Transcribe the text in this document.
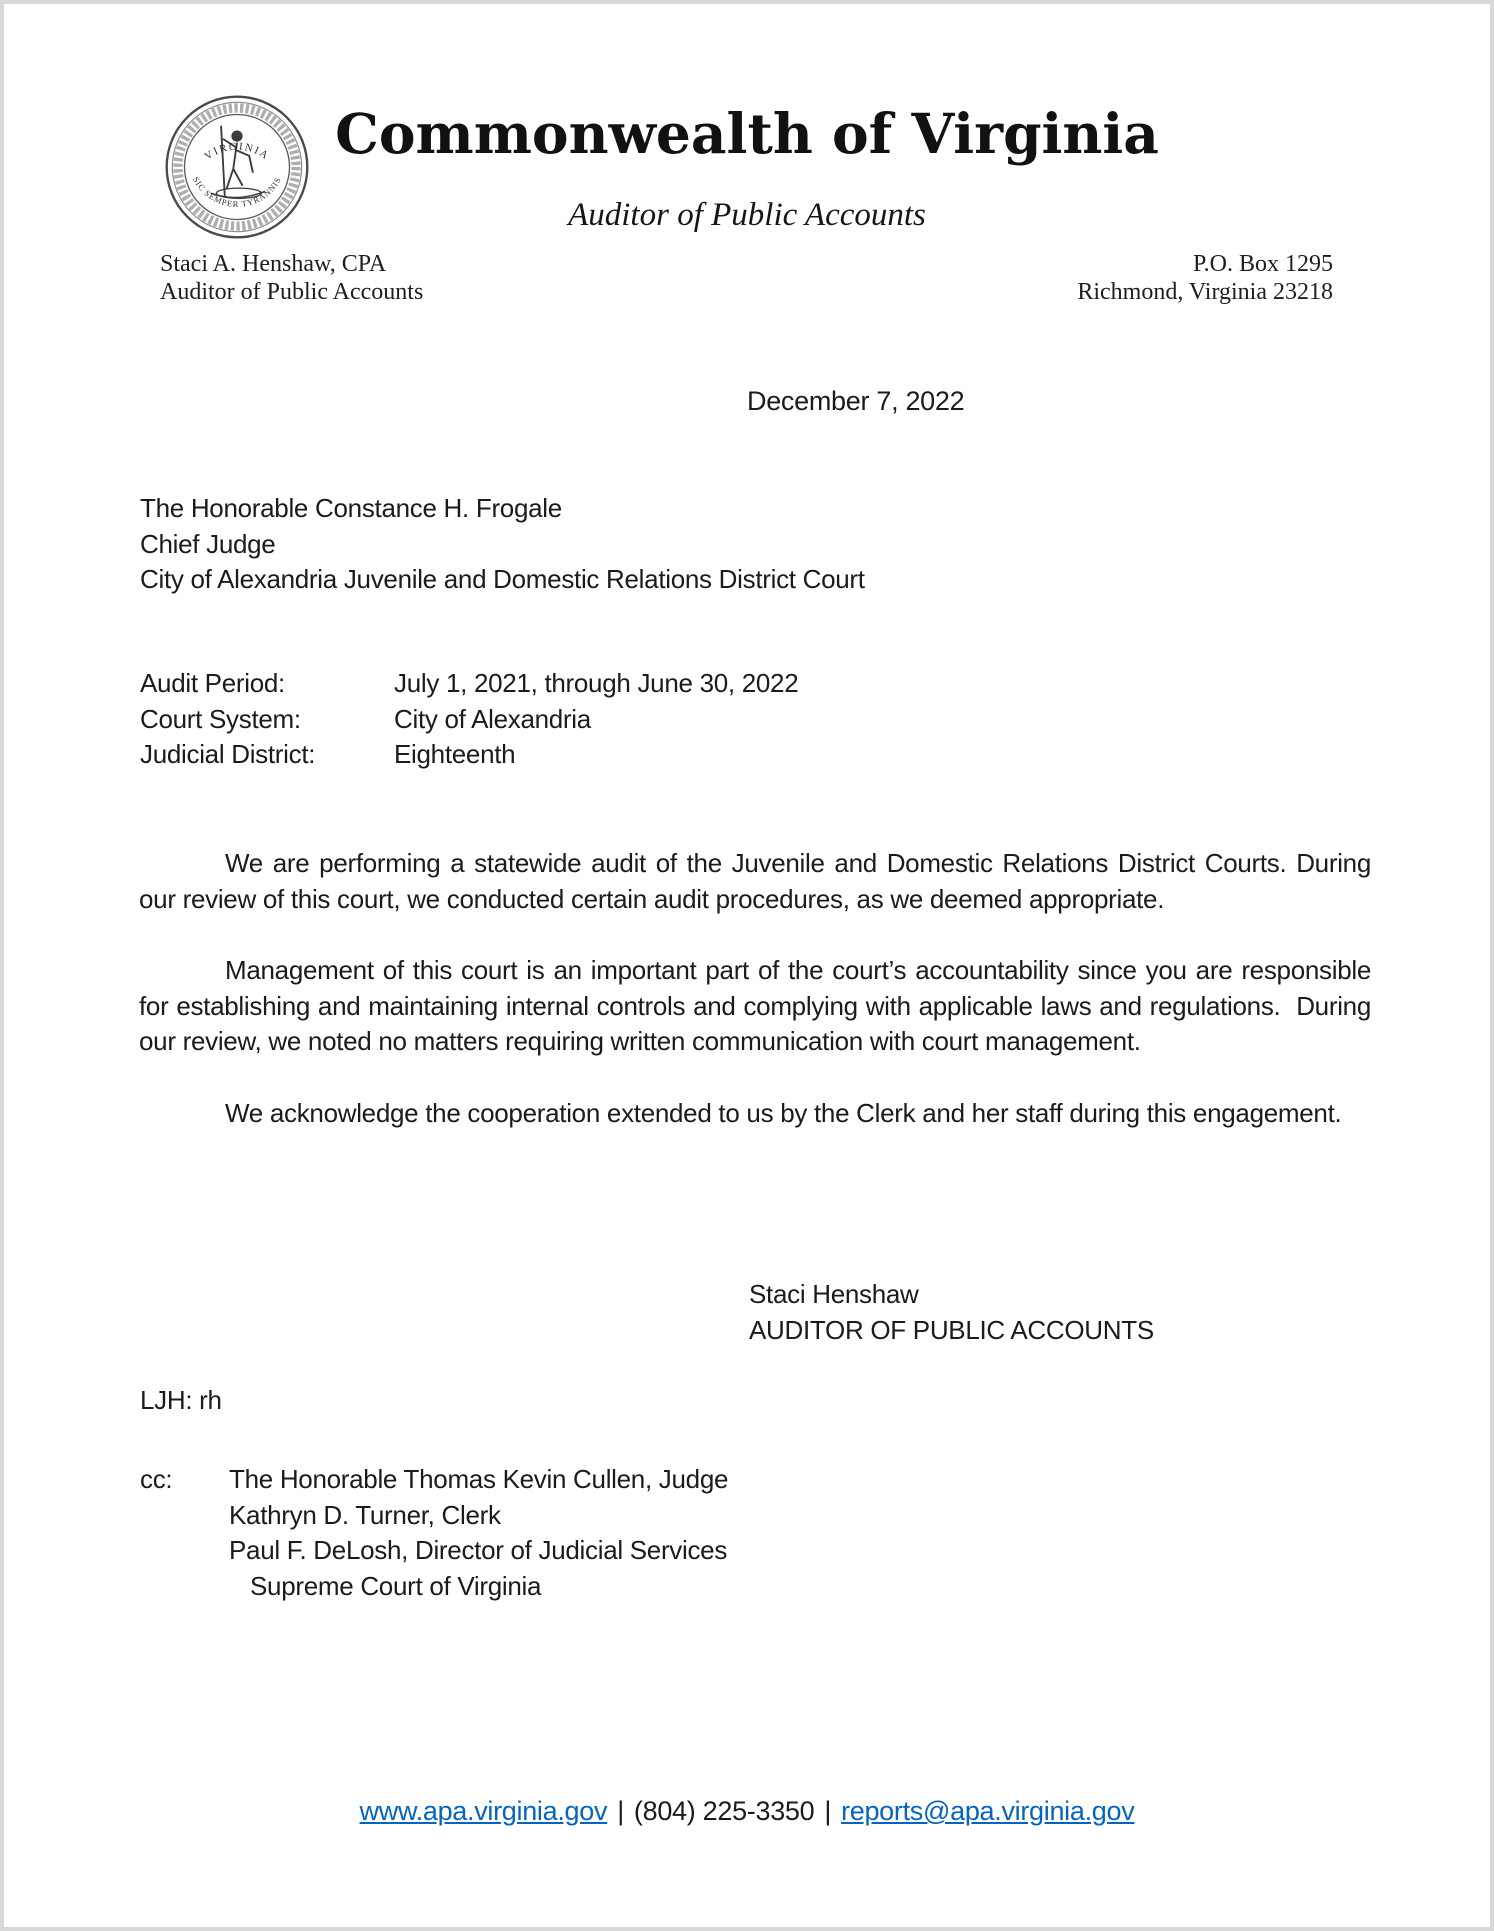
VIRGINIA
SIC SEMPER TYRANNIS
Commonwealth of Virginia
Auditor of Public Accounts
Staci A. Henshaw, CPA
Auditor of Public Accounts
P.O. Box 1295
Richmond, Virginia 23218
December 7, 2022
The Honorable Constance H. Frogale
Chief Judge
City of Alexandria Juvenile and Domestic Relations District Court
Audit Period:	July 1, 2021, through June 30, 2022
Court System:	City of Alexandria
Judicial District:	Eighteenth

We are performing a statewide audit of the Juvenile and Domestic Relations District Courts. During our review of this court, we conducted certain audit procedures, as we deemed appropriate.

Management of this court is an important part of the court’s accountability since you are responsible for establishing and maintaining internal controls and complying with applicable laws and regulations.  During our review, we noted no matters requiring written communication with court management.

We acknowledge the cooperation extended to us by the Clerk and her staff during this engagement.

Staci Henshaw
AUDITOR OF PUBLIC ACCOUNTS
LJH: rh
cc: The Honorable Thomas Kevin Cullen, Judge
Kathryn D. Turner, Clerk
Paul F. DeLosh, Director of Judicial Services
Supreme Court of Virginia
www.apa.virginia.gov | (804) 225-3350 | reports@apa.virginia.gov
